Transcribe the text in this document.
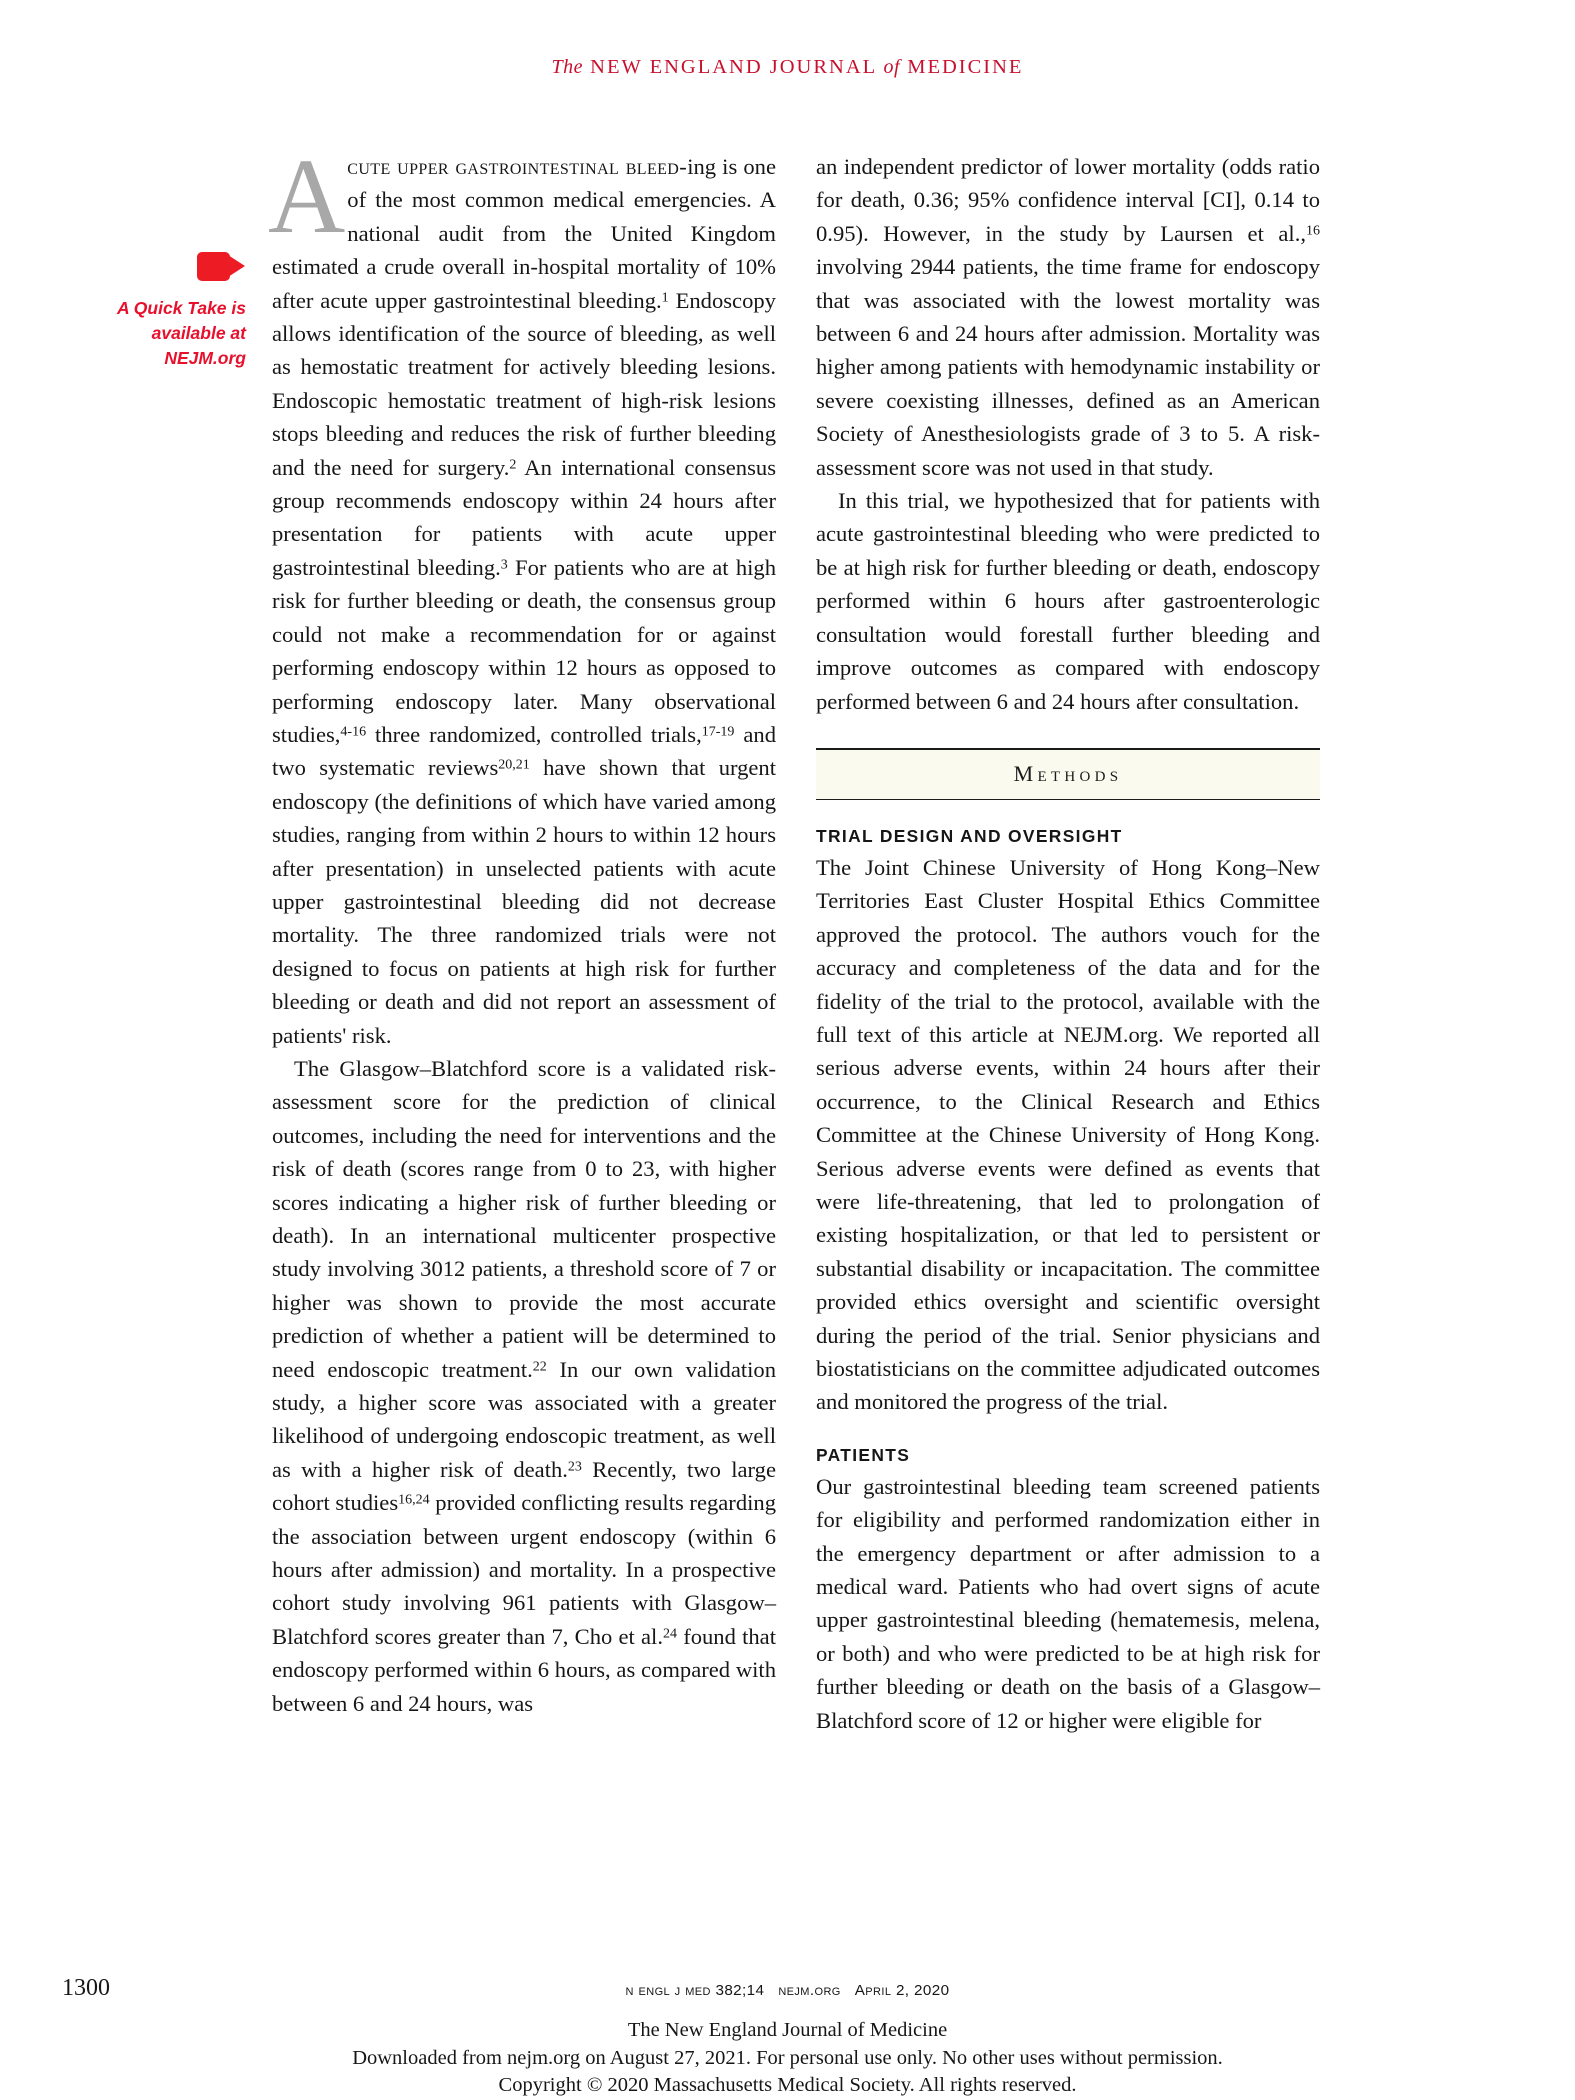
The NEW ENGLAND JOURNAL of MEDICINE
A Quick Take is
available at
NEJM.org

Acute upper gastrointestinal bleed-ing is one of the most common medical emergencies. A national audit from the United Kingdom estimated a crude overall in-hospital mortality of 10% after acute upper gastrointestinal bleeding.$^1$ Endoscopy allows identification of the source of bleeding, as well as hemostatic treatment for actively bleeding lesions. Endoscopic hemostatic treatment of high-risk lesions stops bleeding and reduces the risk of further bleeding and the need for surgery.$^2$ An international consensus group recommends endoscopy within 24 hours after presentation for patients with acute upper gastrointestinal bleeding.$^3$ For patients who are at high risk for further bleeding or death, the consensus group could not make a recommendation for or against performing endoscopy within 12 hours as opposed to performing endoscopy later. Many observational studies,$^{4-16}$ three randomized, controlled trials,$^{17-19}$ and two systematic reviews$^{20,21}$ have shown that urgent endoscopy (the definitions of which have varied among studies, ranging from within 2 hours to within 12 hours after presentation) in unselected patients with acute upper gastrointestinal bleeding did not decrease mortality. The three randomized trials were not designed to focus on patients at high risk for further bleeding or death and did not report an assessment of patients' risk.

The Glasgow–Blatchford score is a validated risk-assessment score for the prediction of clinical outcomes, including the need for interventions and the risk of death (scores range from 0 to 23, with higher scores indicating a higher risk of further bleeding or death). In an international multicenter prospective study involving 3012 patients, a threshold score of 7 or higher was shown to provide the most accurate prediction of whether a patient will be determined to need endoscopic treatment.$^{22}$ In our own validation study, a higher score was associated with a greater likelihood of undergoing endoscopic treatment, as well as with a higher risk of death.$^{23}$ Recently, two large cohort studies$^{16,24}$ provided conflicting results regarding the association between urgent endoscopy (within 6 hours after admission) and mortality. In a prospective cohort study involving 961 patients with Glasgow–Blatchford scores greater than 7, Cho et al.$^{24}$ found that endoscopy performed within 6 hours, as compared with between 6 and 24 hours, was

an independent predictor of lower mortality (odds ratio for death, 0.36; 95% confidence interval [CI], 0.14 to 0.95). However, in the study by Laursen et al.,$^{16}$ involving 2944 patients, the time frame for endoscopy that was associated with the lowest mortality was between 6 and 24 hours after admission. Mortality was higher among patients with hemodynamic instability or severe coexisting illnesses, defined as an American Society of Anesthesiologists grade of 3 to 5. A risk-assessment score was not used in that study.

In this trial, we hypothesized that for patients with acute gastrointestinal bleeding who were predicted to be at high risk for further bleeding or death, endoscopy performed within 6 hours after gastroenterologic consultation would forestall further bleeding and improve outcomes as compared with endoscopy performed between 6 and 24 hours after consultation.

Methods
TRIAL DESIGN AND OVERSIGHT

The Joint Chinese University of Hong Kong–New Territories East Cluster Hospital Ethics Committee approved the protocol. The authors vouch for the accuracy and completeness of the data and for the fidelity of the trial to the protocol, available with the full text of this article at NEJM.org. We reported all serious adverse events, within 24 hours after their occurrence, to the Clinical Research and Ethics Committee at the Chinese University of Hong Kong. Serious adverse events were defined as events that were life-threatening, that led to prolongation of existing hospitalization, or that led to persistent or substantial disability or incapacitation. The committee provided ethics oversight and scientific oversight during the period of the trial. Senior physicians and biostatisticians on the committee adjudicated outcomes and monitored the progress of the trial.

PATIENTS

Our gastrointestinal bleeding team screened patients for eligibility and performed randomization either in the emergency department or after admission to a medical ward. Patients who had overt signs of acute upper gastrointestinal bleeding (hematemesis, melena, or both) and who were predicted to be at high risk for further bleeding or death on the basis of a Glasgow–Blatchford score of 12 or higher were eligible for

1300	n engl j med 382;14 nejm.org April 2, 2020
The New England Journal of Medicine
Downloaded from nejm.org on August 27, 2021. For personal use only. No other uses without permission.
Copyright © 2020 Massachusetts Medical Society. All rights reserved.
